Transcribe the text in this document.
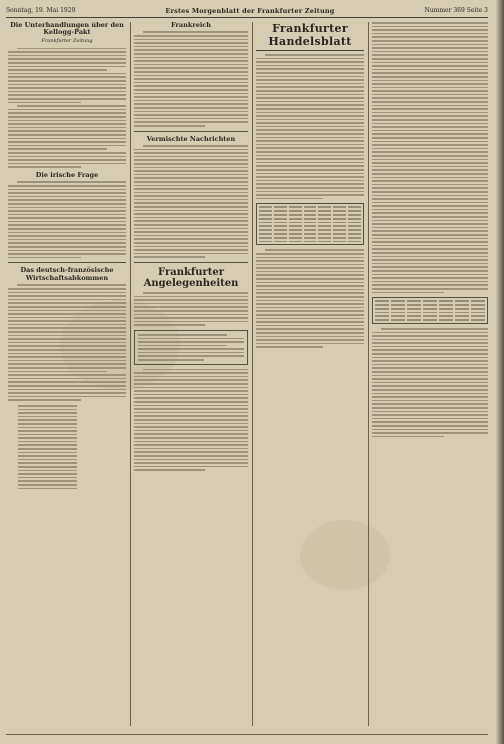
Sonntag, 19. Mai 1929	Erstes Morgenblatt der Frankfurter Zeitung	Nummer 369 Seite 3
Die Unterhandlungen über den Kellogg-Pakt
Frankfurter Zeitung
Die irische Frage
Das deutsch-französische Wirtschaftsabkommen
Frankreich
Vermischte Nachrichten
Frankfurter Angelegenheiten
Frankfurter Handelsblatt
